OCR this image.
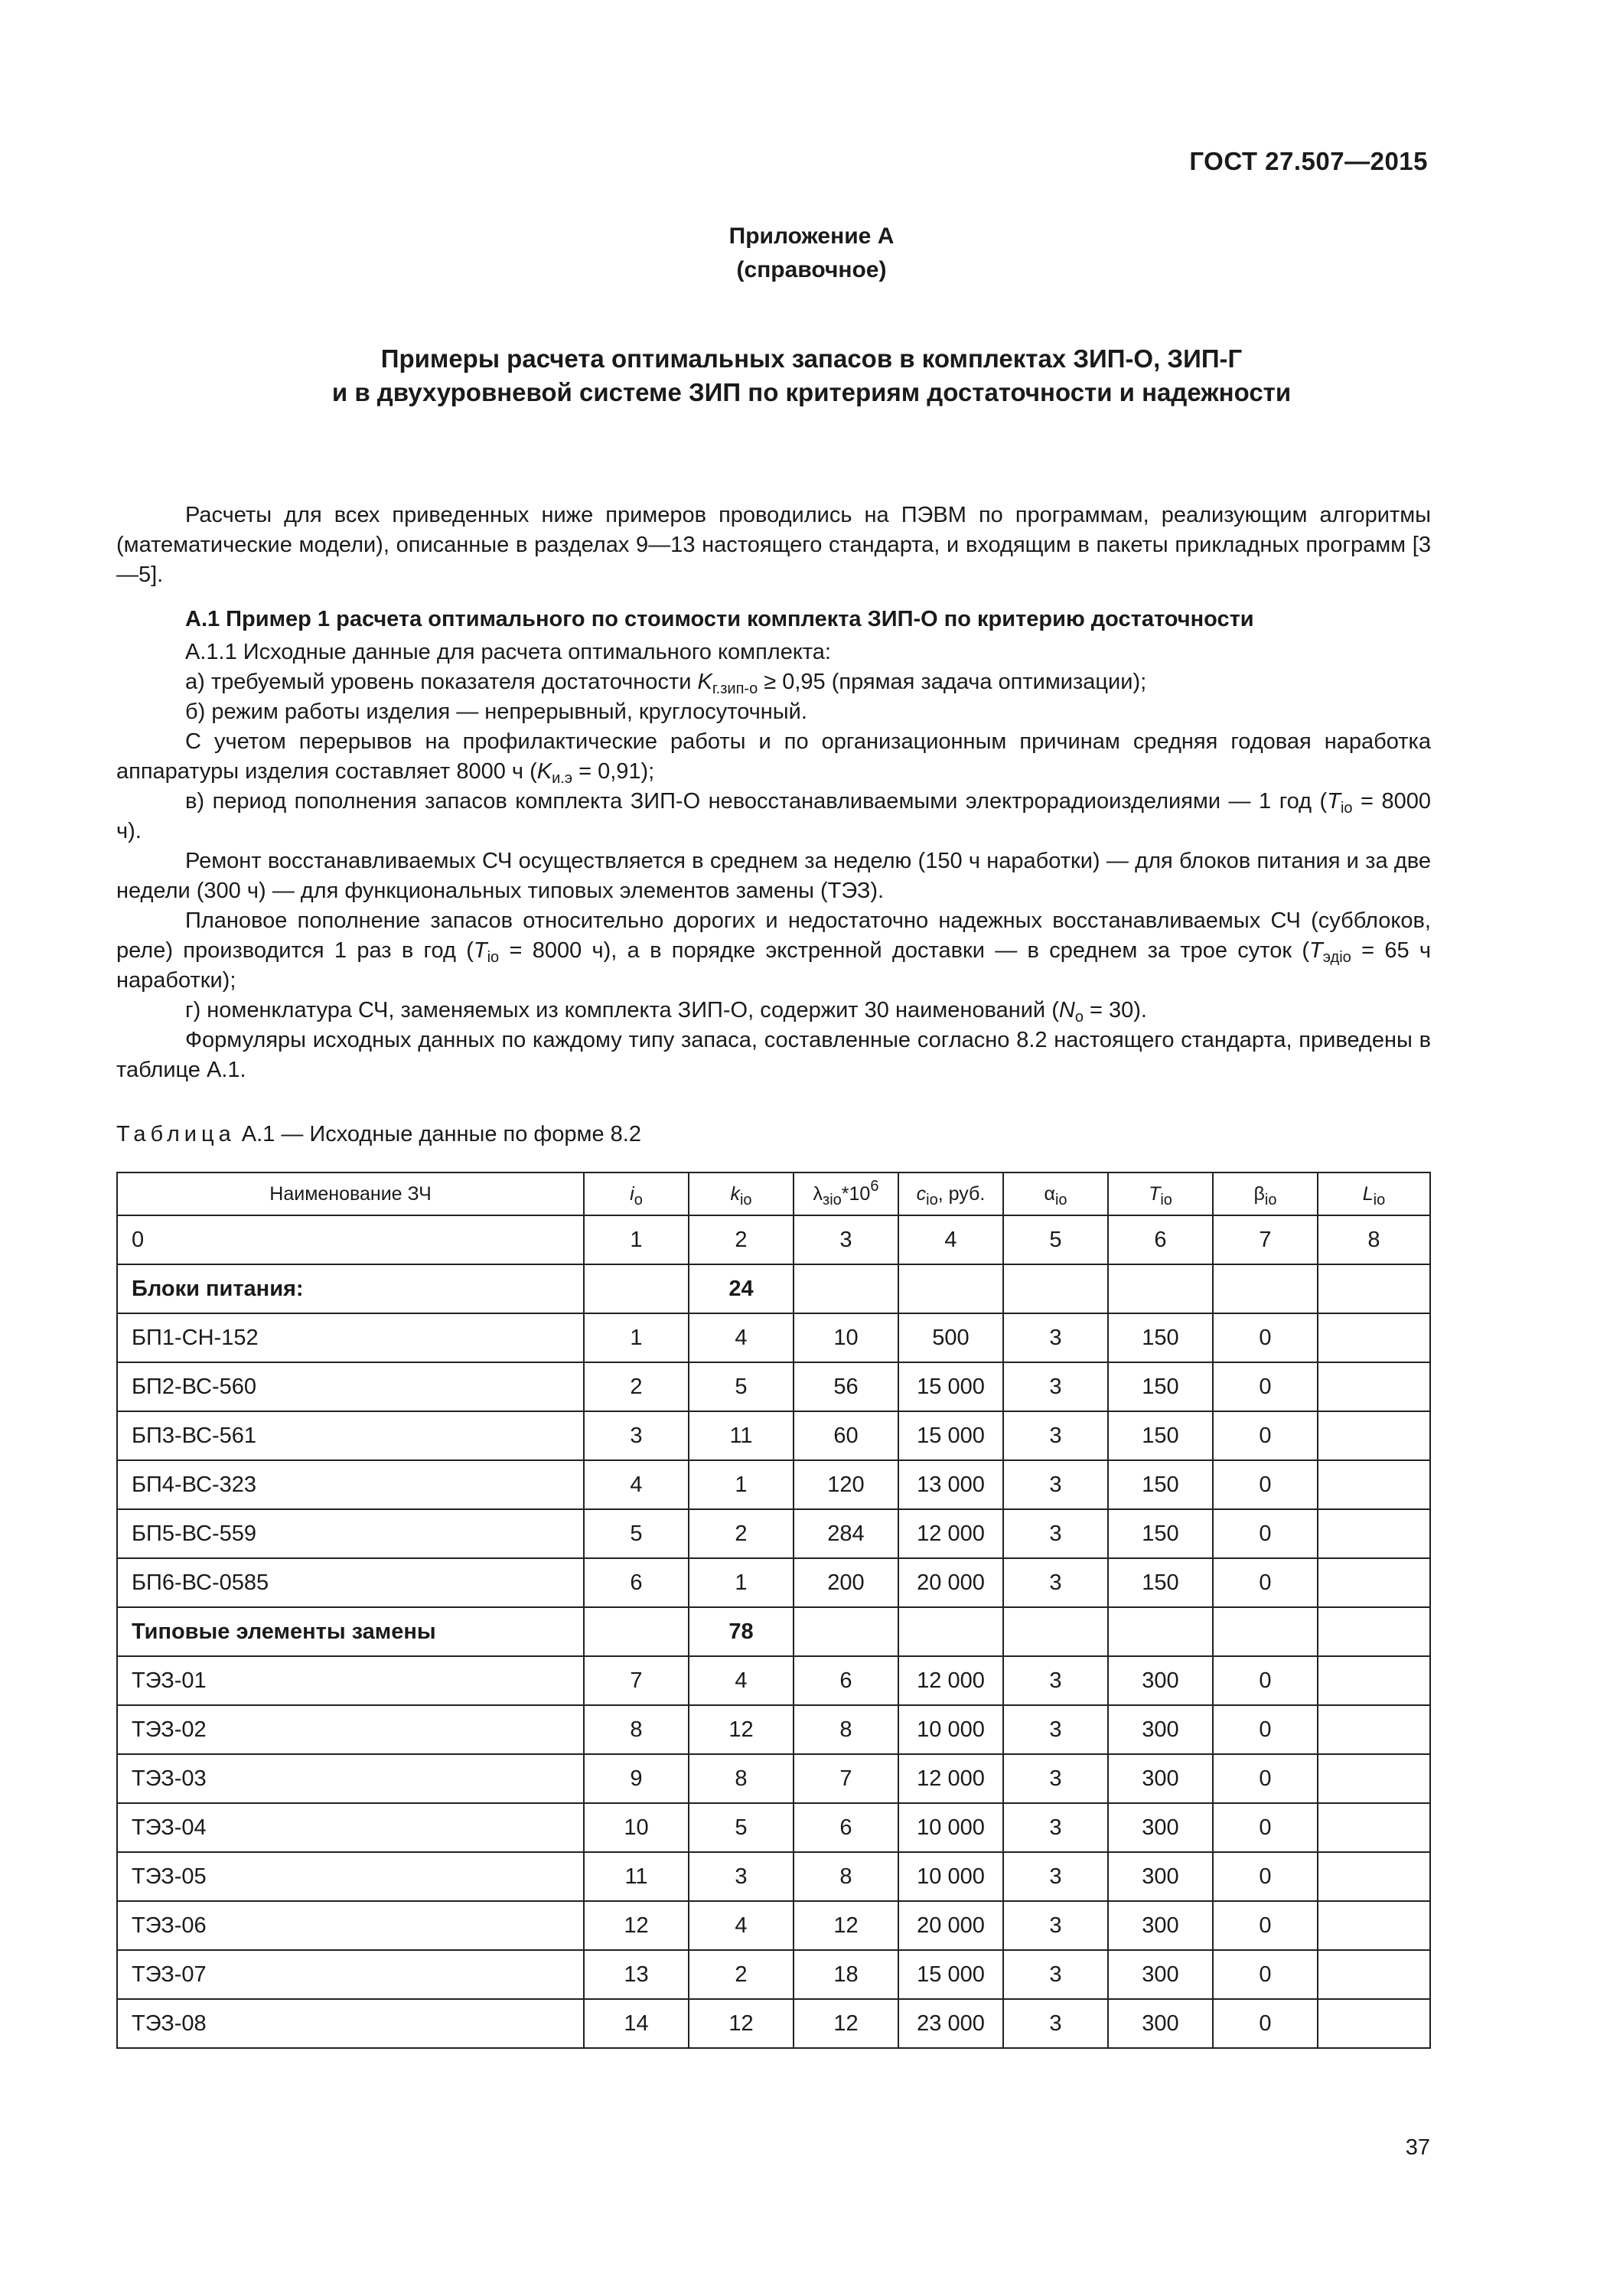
ГОСТ 27.507—2015
Приложение А
(справочное)
Примеры расчета оптимальных запасов в комплектах ЗИП-О, ЗИП-Г
и в двухуровневой системе ЗИП по критериям достаточности и надежности

Расчеты для всех приведенных ниже примеров проводились на ПЭВМ по программам, реализующим алгоритмы (математические модели), описанные в разделах 9—13 настоящего стандарта, и входящим в пакеты прикладных программ [3—5].

А.1 Пример 1 расчета оптимального по стоимости комплекта ЗИП-О по критерию достаточности

А.1.1 Исходные данные для расчета оптимального комплекта:

а) требуемый уровень показателя достаточности $K_{г.зип-о} \ge 0,95$ (прямая задача оптимизации);

б) режим работы изделия — непрерывный, круглосуточный.

С учетом перерывов на профилактические работы и по организационным причинам средняя годовая наработка аппаратуры изделия составляет 8000 ч $(K_{и.э} = 0,91)$;

в) период пополнения запасов комплекта ЗИП-О невосстанавливаемыми электрорадиоизделиями — 1 год ($T_{io} = 8000$ ч).

Ремонт восстанавливаемых СЧ осуществляется в среднем за неделю (150 ч наработки) — для блоков питания и за две недели (300 ч) — для функциональных типовых элементов замены (ТЭЗ).

Плановое пополнение запасов относительно дорогих и недостаточно надежных восстанавливаемых СЧ (субблоков, реле) производится 1 раз в год ($T_{io} = 8000$ ч), а в порядке экстренной доставки — в среднем за трое суток ($T_{эдio} = 65$ ч наработки);

г) номенклатура СЧ, заменяемых из комплекта ЗИП-О, содержит 30 наименований $(N_o = 30)$.

Формуляры исходных данных по каждому типу запаса, составленные согласно 8.2 настоящего стандарта, приведены в таблице А.1.

Таблица А.1 — Исходные данные по форме 8.2
Наименование ЗЧ	$i_o$	$k_{io}$	$\lambda_{зio}*10^6$	$c_{io}$, руб.	$\alpha_{io}$	$T_{io}$	$\beta_{io}$	$L_{io}$
0	1	2	3	4	5	6	7	8
Блоки питания:		24						
БП1-СН-152	1	4	10	500	3	150	0	
БП2-ВС-560	2	5	56	15 000	3	150	0	
БП3-ВС-561	3	11	60	15 000	3	150	0	
БП4-ВС-323	4	1	120	13 000	3	150	0	
БП5-ВС-559	5	2	284	12 000	3	150	0	
БП6-ВС-0585	6	1	200	20 000	3	150	0	
Типовые элементы замены		78						
ТЭЗ-01	7	4	6	12 000	3	300	0	
ТЭЗ-02	8	12	8	10 000	3	300	0	
ТЭЗ-03	9	8	7	12 000	3	300	0	
ТЭЗ-04	10	5	6	10 000	3	300	0	
ТЭЗ-05	11	3	8	10 000	3	300	0	
ТЭЗ-06	12	4	12	20 000	3	300	0	
ТЭЗ-07	13	2	18	15 000	3	300	0	
ТЭЗ-08	14	12	12	23 000	3	300	0	
37
